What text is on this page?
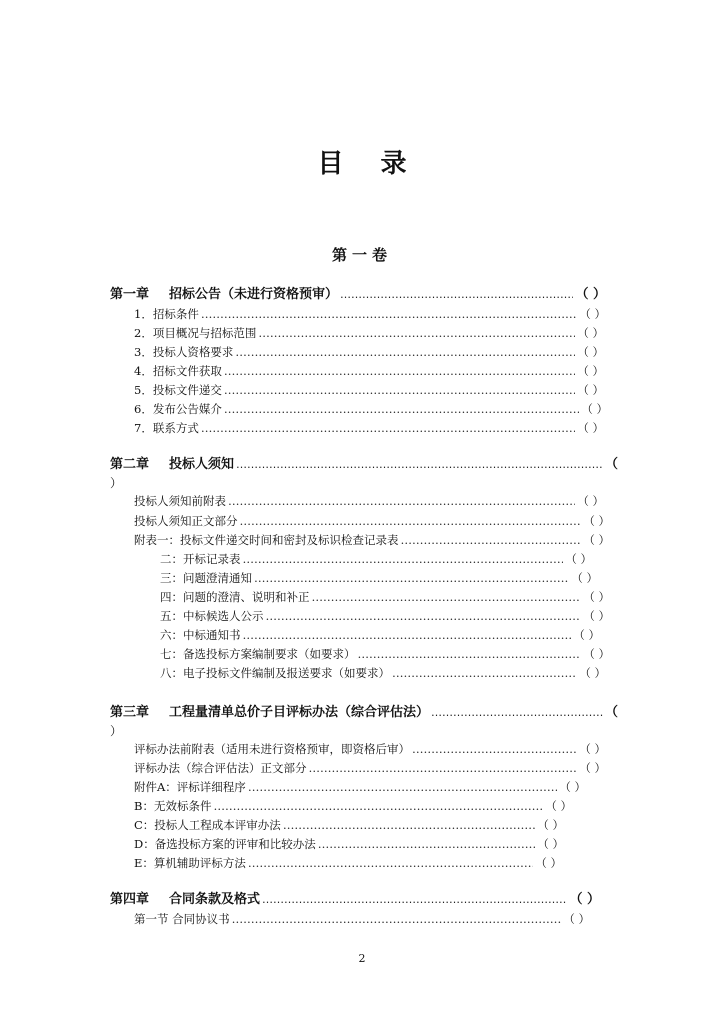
目 录
第一卷
第一章 招标公告（未进行资格预审） ……………………………………………………………………………………………………………………………………………………………………	（ ）
1．招标条件 ……………………………………………………………………………………………………………………………………………………………………	（ ）
2．项目概况与招标范围 ……………………………………………………………………………………………………………………………………………………………………	（ ）
3．投标人资格要求 ……………………………………………………………………………………………………………………………………………………………………	（ ）
4．招标文件获取 ……………………………………………………………………………………………………………………………………………………………………	（ ）
5．投标文件递交 ……………………………………………………………………………………………………………………………………………………………………	（ ）
6．发布公告媒介 ……………………………………………………………………………………………………………………………………………………………………	（ ）
7．联系方式 ……………………………………………………………………………………………………………………………………………………………………	（ ）
第二章 投标人须知 ……………………………………………………………………………………………………………………………………………………………………	（
）
投标人须知前附表 ……………………………………………………………………………………………………………………………………………………………………	（ ）
投标人须知正文部分 ……………………………………………………………………………………………………………………………………………………………………	（ ）
附表一：投标文件递交时间和密封及标识检查记录表 ……………………………………………………………………………………………………………………………………………………………………	（ ）
二：开标记录表 ……………………………………………………………………………………………………………………………………………………………………	（ ）
三：问题澄清通知 ……………………………………………………………………………………………………………………………………………………………………	（ ）
四：问题的澄清、说明和补正 ……………………………………………………………………………………………………………………………………………………………………	（ ）
五：中标候选人公示 ……………………………………………………………………………………………………………………………………………………………………	（ ）
六：中标通知书 ……………………………………………………………………………………………………………………………………………………………………	（ ）
七：备选投标方案编制要求（如要求） ……………………………………………………………………………………………………………………………………………………………………	（ ）
八：电子投标文件编制及报送要求（如要求） ……………………………………………………………………………………………………………………………………………………………………	（ ）
第三章 工程量清单总价子目评标办法（综合评估法） ……………………………………………………………………………………………………………………………………………………………………	（
）
评标办法前附表（适用未进行资格预审，即资格后审） ……………………………………………………………………………………………………………………………………………………………………	（ ）
评标办法（综合评估法）正文部分 ……………………………………………………………………………………………………………………………………………………………………	（ ）
附件A：评标详细程序 ……………………………………………………………………………………………………………………………………………………………………	（ ）
B：无效标条件 ……………………………………………………………………………………………………………………………………………………………………	（ ）
C：投标人工程成本评审办法 ……………………………………………………………………………………………………………………………………………………………………	（ ）
D：备选投标方案的评审和比较办法 ……………………………………………………………………………………………………………………………………………………………………	（ ）
E：算机辅助评标方法 ……………………………………………………………………………………………………………………………………………………………………	（ ）
第四章 合同条款及格式 ……………………………………………………………………………………………………………………………………………………………………	（ ）
第一节 合同协议书 ……………………………………………………………………………………………………………………………………………………………………	（ ）
2
